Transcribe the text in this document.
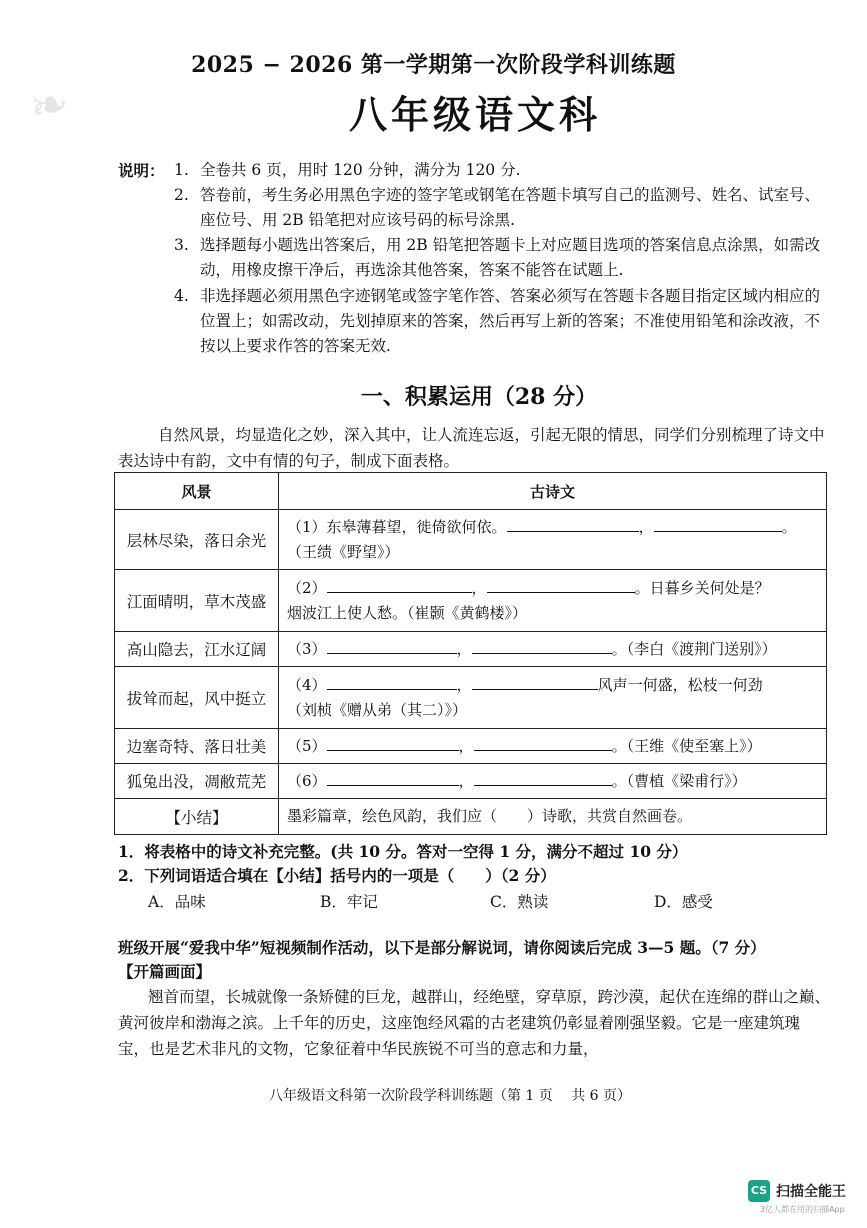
❧
2025 − 2026 第一学期第一次阶段学科训练题
八年级语文科
说明： 1. 全卷共 6 页，用时 120 分钟，满分为 120 分.
2. 答卷前，考生务必用黑色字迹的签字笔或钢笔在答题卡填写自己的监测号、姓名、试室号、座位号、用 2B 铅笔把对应该号码的标号涂黑.
3. 选择题每小题选出答案后，用 2B 铅笔把答题卡上对应题目选项的答案信息点涂黑，如需改动，用橡皮擦干净后，再选涂其他答案，答案不能答在试题上.
4. 非选择题必须用黑色字迹钢笔或签字笔作答、答案必须写在答题卡各题目指定区域内相应的位置上；如需改动，先划掉原来的答案，然后再写上新的答案；不准使用铅笔和涂改液，不按以上要求作答的答案无效.
一、积累运用（28 分）
自然风景，均显造化之妙，深入其中，让人流连忘返，引起无限的情思，同学们分别梳理了诗文中表达诗中有韵，文中有情的句子，制成下面表格。
风景	古诗文
层林尽染，落日余光	（1）东皋薄暮望，徙倚欲何依。 ， 。
（王绩《野望》）
江面晴明，草木茂盛	（2） ， 。日暮乡关何处是？
烟波江上使人愁。（崔颢《黄鹤楼》）
高山隐去，江水辽阔	（3） ， 。（李白《渡荆门送别》）
拔耸而起，风中挺立	（4） ， 风声一何盛，松枝一何劲
（刘桢《赠从弟（其二）》）
边塞奇特、落日壮美	（5） ， 。（王维《使至塞上》）
狐兔出没，凋敝荒芜	（6） ， 。（曹植《梁甫行》）
【小结】	墨彩篇章，绘色风韵，我们应（　　）诗歌，共赏自然画卷。
1．将表格中的诗文补充完整。(共 10 分。答对一空得 1 分，满分不超过 10 分）
2．下列词语适合填在【小结】括号内的一项是（　　）（2 分）
A．品味	B．牢记	C．熟读	D．感受
班级开展“爱我中华”短视频制作活动，以下是部分解说词，请你阅读后完成 3—5 题。（7 分）
【开篇画面】
翘首而望，长城就像一条矫健的巨龙，越群山，经绝壁，穿草原，跨沙漠，起伏在连绵的群山之巅、黄河彼岸和渤海之滨。上千年的历史，这座饱经风霜的古老建筑仍彰显着刚强坚毅。它是一座建筑瑰宝，也是艺术非凡的文物，它象征着中华民族锐不可当的意志和力量，
八年级语文科第一次阶段学科训练题（第 1 页　 共 6 页）
CS 扫描全能王
3亿人都在用的扫描App
